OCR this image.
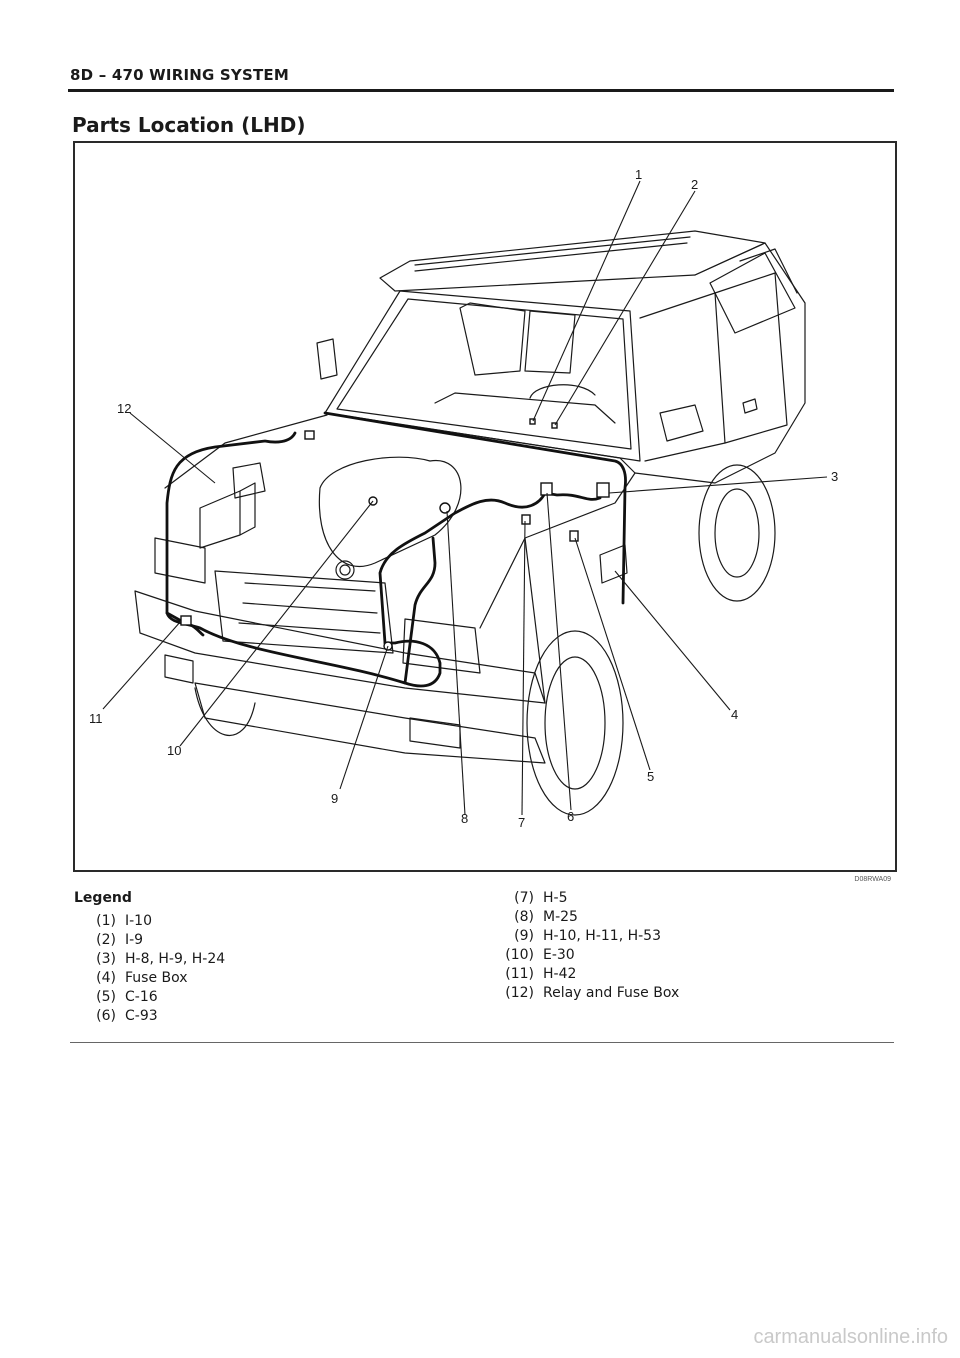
8D – 470 WIRING SYSTEM
Parts Location (LHD)
1
2
3
4
5
6
7
8
9
10
11
12
D08RWA09
Legend
(1) I-10
(2) I-9
(3) H-8, H-9, H-24
(4) Fuse Box
(5) C-16
(6) C-93
(7) H-5
(8) M-25
(9) H-10, H-11, H-53
(10) E-30
(11) H-42
(12) Relay and Fuse Box
carmanualsonline.info
